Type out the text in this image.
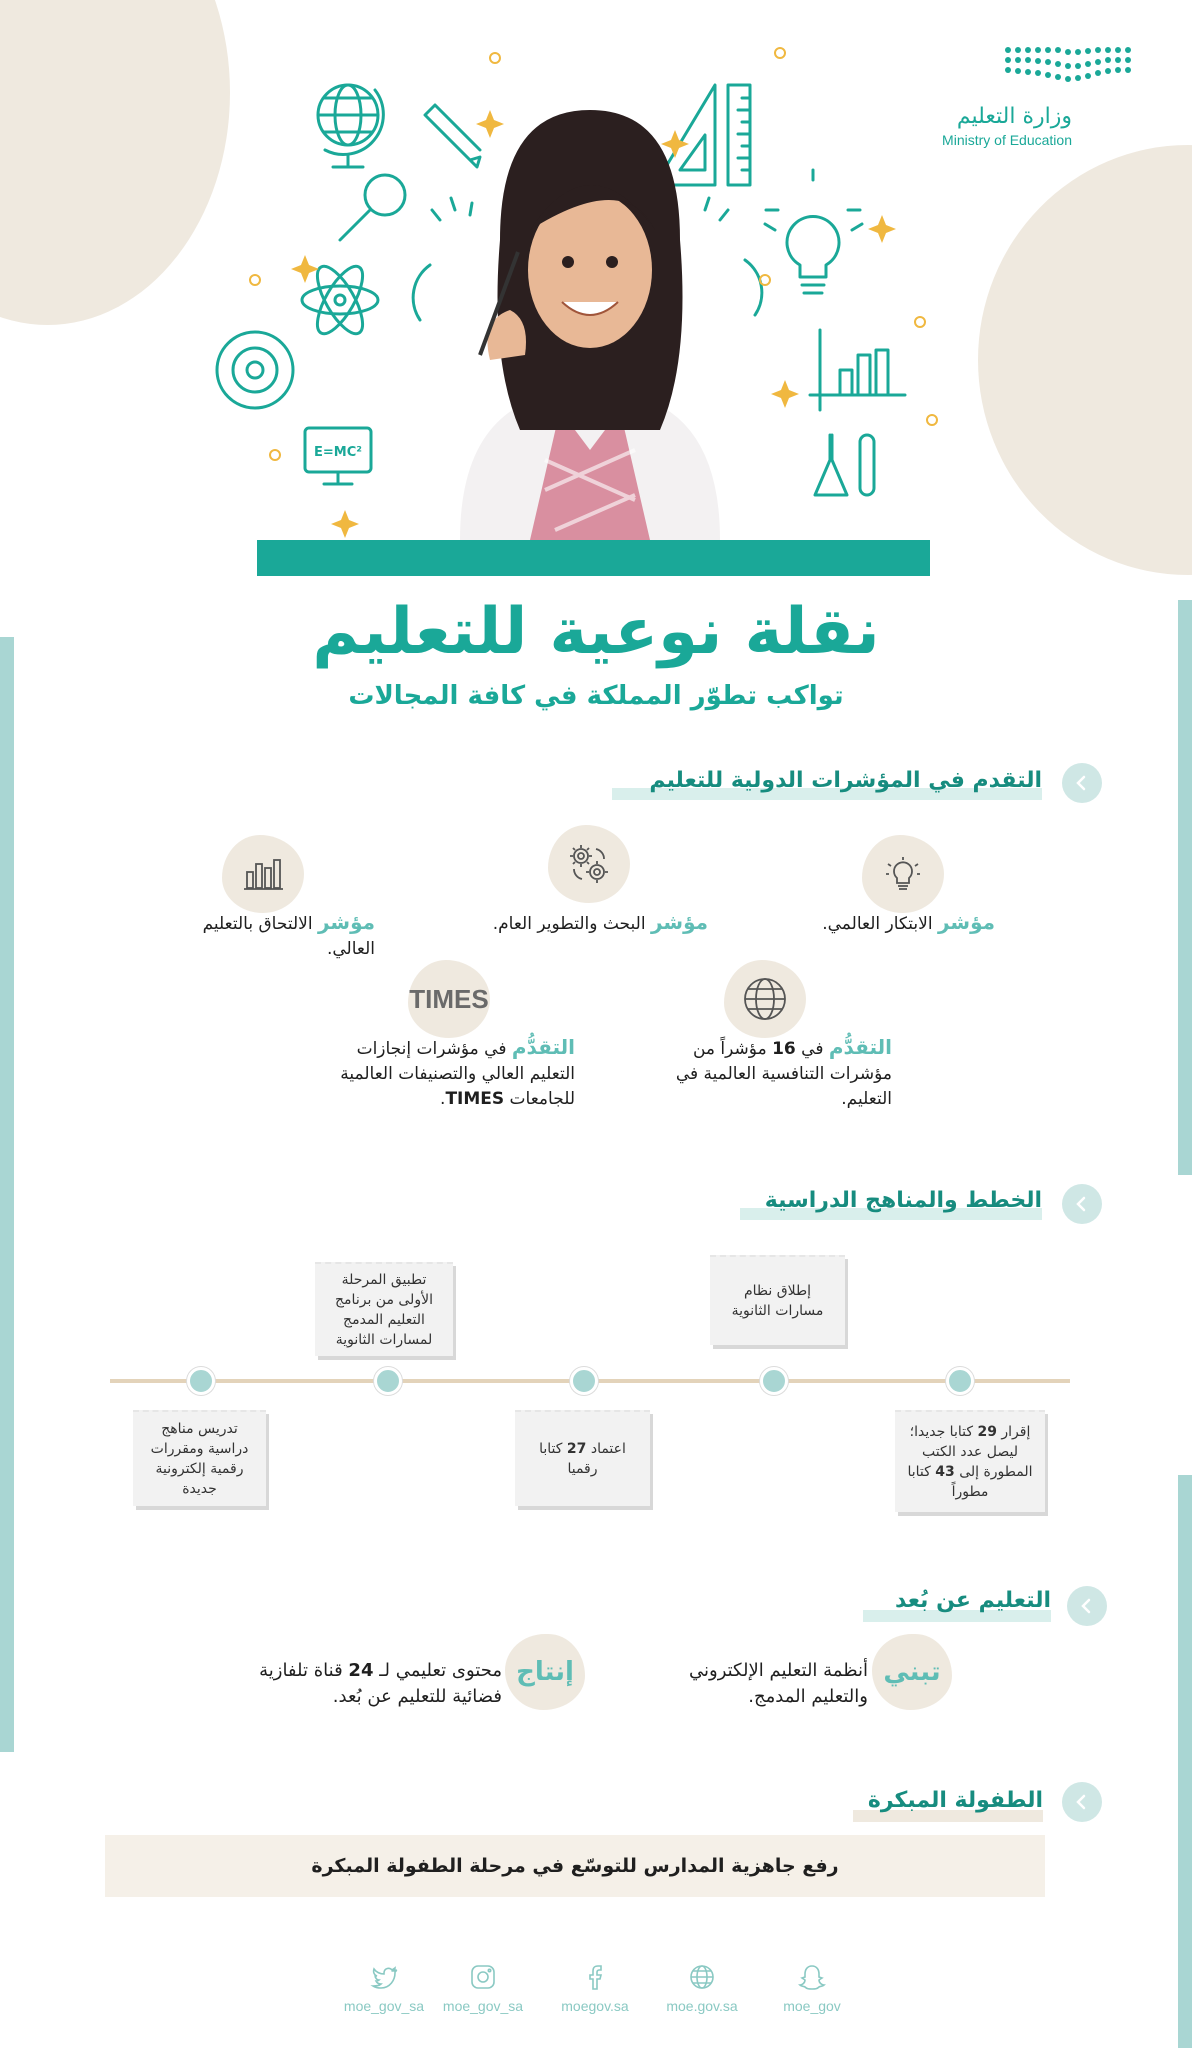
وزارة التعليم
Ministry of Education
E=MC²
نقلة نوعية للتعليم
تواكب تطوّر المملكة في كافة المجالات
التقدم في المؤشرات الدولية للتعليم
مؤشر الابتكار العالمي.
مؤشر البحث والتطوير العام.
مؤشر الالتحاق بالتعليم العالي.
TIMES
التقدُّم في 16 مؤشراً من مؤشرات التنافسية العالمية في التعليم.
التقدُّم في مؤشرات إنجازات التعليم العالي والتصنيفات العالمية للجامعات TIMES.
الخطط والمناهج الدراسية
إطلاق نظام مسارات الثانوية
تطبيق المرحلة الأولى من برنامج التعليم المدمج لمسارات الثانوية
إقرار 29 كتابا جديدا؛ ليصل عدد الكتب المطورة إلى 43 كتابا مطوراً
اعتماد 27 كتابا رقميا
تدريس مناهج دراسية ومقررات رقمية إلكترونية جديدة
التعليم عن بُعد
تبني
أنظمة التعليم الإلكتروني والتعليم المدمج.
إنتاج
محتوى تعليمي لـ 24 قناة تلفازية فضائية للتعليم عن بُعد.
الطفولة المبكرة
رفع جاهزية المدارس للتوسّع في مرحلة الطفولة المبكرة
moe_gov
moe.gov.sa
moegov.sa
moe_gov_sa
moe_gov_sa
